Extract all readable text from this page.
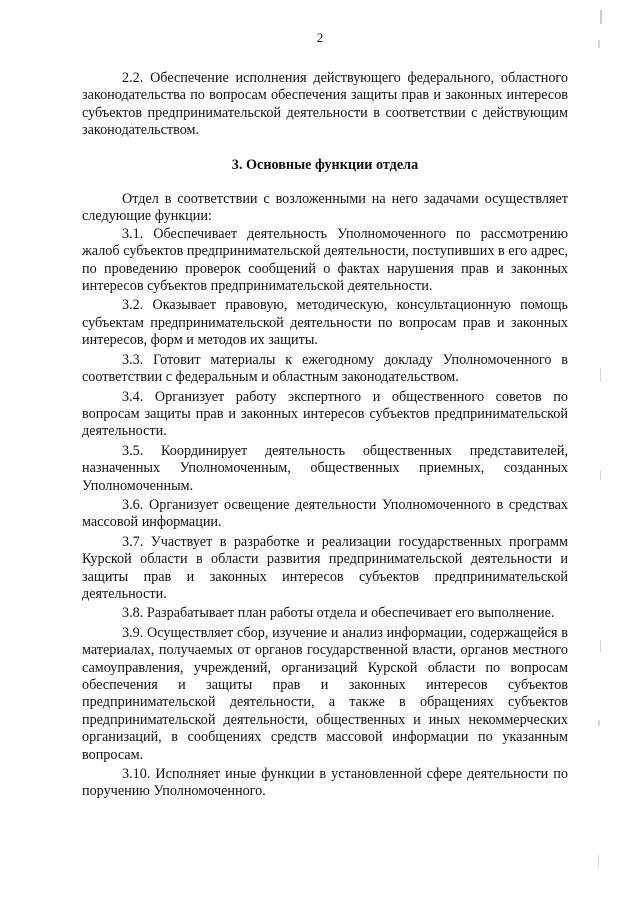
2

2.2. Обеспечение исполнения действующего федерального, областного законодательства по вопросам обеспечения защиты прав и законных интересов субъектов предпринимательской деятельности в соответствии с действующим законодательством.

3. Основные функции отдела

Отдел в соответствии с возложенными на него задачами осуществляет следующие функции:

3.1. Обеспечивает деятельность Уполномоченного по рассмотрению жалоб субъектов предпринимательской деятельности, поступивших в его адрес, по проведению проверок сообщений о фактах нарушения прав и законных интересов субъектов предпринимательской деятельности.

3.2. Оказывает правовую, методическую, консультационную помощь субъектам предпринимательской деятельности по вопросам прав и законных интересов, форм и методов их защиты.

3.3. Готовит материалы к ежегодному докладу Уполномоченного в соответствии с федеральным и областным законодательством.

3.4. Организует работу экспертного и общественного советов по вопросам защиты прав и законных интересов субъектов предпринимательской деятельности.

3.5. Координирует деятельность общественных представителей, назначенных Уполномоченным, общественных приемных, созданных Уполномоченным.

3.6. Организует освещение деятельности Уполномоченного в средствах массовой информации.

3.7. Участвует в разработке и реализации государственных программ Курской области в области развития предпринимательской деятельности и защиты прав и законных интересов субъектов предпринимательской деятельности.

3.8. Разрабатывает план работы отдела и обеспечивает его выполнение.

3.9. Осуществляет сбор, изучение и анализ информации, содержащейся в материалах, получаемых от органов государственной власти, органов местного самоуправления, учреждений, организаций Курской области по вопросам обеспечения и защиты прав и законных интересов субъектов предпринимательской деятельности, а также в обращениях субъектов предпринимательской деятельности, общественных и иных некоммерческих организаций, в сообщениях средств массовой информации по указанным вопросам.

3.10. Исполняет иные функции в установленной сфере деятельности по поручению Уполномоченного.
